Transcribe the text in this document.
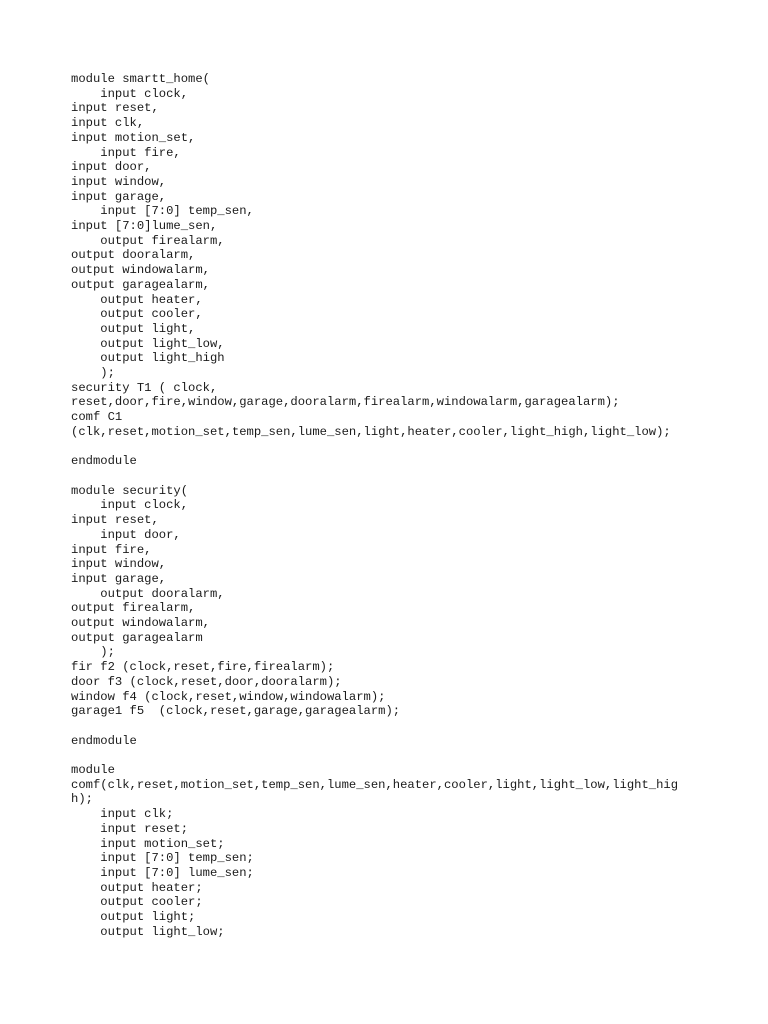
module smartt_home(
input clock,
input reset,
input clk,
input motion_set,
input fire,
input door,
input window,
input garage,
input [7:0] temp_sen,
input [7:0]lume_sen,
output firealarm,
output dooralarm,
output windowalarm,
output garagealarm,
output heater,
output cooler,
output light,
output light_low,
output light_high
);
security T1 ( clock,
reset,door,fire,window,garage,dooralarm,firealarm,windowalarm,garagealarm);
comf C1
(clk,reset,motion_set,temp_sen,lume_sen,light,heater,cooler,light_high,light_low);

endmodule

module security(
input clock,
input reset,
input door,
input fire,
input window,
input garage,
output dooralarm,
output firealarm,
output windowalarm,
output garagealarm
);
fir f2 (clock,reset,fire,firealarm);
door f3 (clock,reset,door,dooralarm);
window f4 (clock,reset,window,windowalarm);
garage1 f5  (clock,reset,garage,garagealarm);

endmodule

module
comf(clk,reset,motion_set,temp_sen,lume_sen,heater,cooler,light,light_low,light_hig
h);
input clk;
input reset;
input motion_set;
input [7:0] temp_sen;
input [7:0] lume_sen;
output heater;
output cooler;
output light;
output light_low;
